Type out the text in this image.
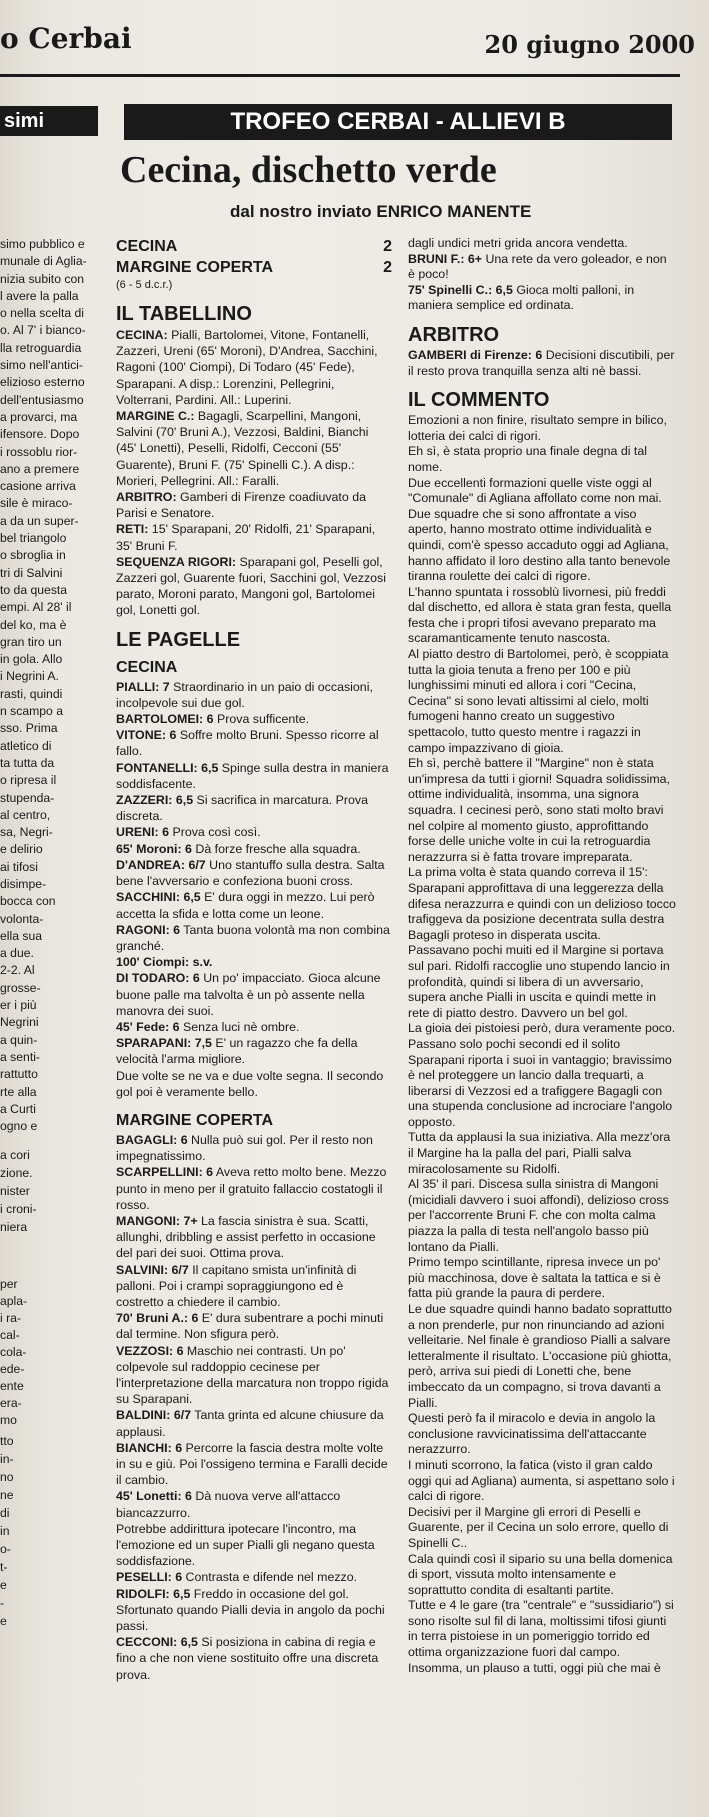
o Cerbai	20 giugno 2000
simi	TROFEO CERBAI - ALLIEVI B
Cecina, dischetto verde
dal nostro inviato ENRICO MANENTE
simo pubblico e
munale di Aglia-
nizia subito con
l avere la palla
o nella scelta di
o. Al 7' i bianco-
lla retroguardia
simo nell'antici-
elizioso esterno
dell'entusiasmo
a provarci, ma
ifensore. Dopo
i rossoblu rior-
ano a premere
casione arriva
sile è miraco-
a da un super-
bel triangolo
o sbroglia in
tri di Salvini
to da questa
empi. Al 28' il
del ko, ma è
gran tiro un
in gola. Allo
i Negrini A.
rasti, quindi
n scampo a
sso. Prima
atletico di
ta tutta da
o ripresa il
stupenda-
al centro,
sa, Negri-
e delirio
ai tifosi
disimpe-
bocca con
volonta-
ella sua
a due.
2-2. Al
grosse-
er i più
Negrini
a quin-
a senti-
rattutto
rte alla
a Curti
ogno e
a cori
zione.
nister
i croni-
niera
per
apla-
i ra-
cal-
cola-
ede-
ente
era-
mo
tto
in-
no
ne
di
in
o-
t-
e
-
e
CECINA	2
MARGINE COPERTA	2
(6 - 5 d.c.r.)
IL TABELLINO

CECINA: Pialli, Bartolomei, Vitone, Fontanelli, Zazzeri, Ureni (65' Moroni), D'Andrea, Sacchini, Ragoni (100' Ciompi), Di Todaro (45' Fede), Sparapani. A disp.: Lorenzini, Pellegrini, Volterrani, Pardini. All.: Luperini.

MARGINE C.: Bagagli, Scarpellini, Mangoni, Salvini (70' Bruni A.), Vezzosi, Baldini, Bianchi (45' Lonetti), Peselli, Ridolfi, Cecconi (55' Guarente), Bruni F. (75' Spinelli C.). A disp.: Morieri, Pellegrini. All.: Faralli.

ARBITRO: Gamberi di Firenze coadiuvato da Parisi e Senatore.

RETI: 15' Sparapani, 20' Ridolfi, 21' Sparapani, 35' Bruni F.

SEQUENZA RIGORI: Sparapani gol, Peselli gol, Zazzeri gol, Guarente fuori, Sacchini gol, Vezzosi parato, Moroni parato, Mangoni gol, Bartolomei gol, Lonetti gol.

LE PAGELLE
CECINA

PIALLI: 7 Straordinario in un paio di occasioni, incolpevole sui due gol.

BARTOLOMEI: 6 Prova sufficente.

VITONE: 6 Soffre molto Bruni. Spesso ricorre al fallo.

FONTANELLI: 6,5 Spinge sulla destra in maniera soddisfacente.

ZAZZERI: 6,5 Si sacrifica in marcatura. Prova discreta.

URENI: 6 Prova così così.

65' Moroni: 6 Dà forze fresche alla squadra.

D'ANDREA: 6/7 Uno stantuffo sulla destra. Salta bene l'avversario e confeziona buoni cross.

SACCHINI: 6,5 E' dura oggi in mezzo. Lui però accetta la sfida e lotta come un leone.

RAGONI: 6 Tanta buona volontà ma non combina granché.

100' Ciompi: s.v.

DI TODARO: 6 Un po' impacciato. Gioca alcune buone palle ma talvolta è un pò assente nella manovra dei suoi.

45' Fede: 6 Senza luci nè ombre.

SPARAPANI: 7,5 E' un ragazzo che fa della velocità l'arma migliore.

Due volte se ne va e due volte segna. Il secondo gol poi è veramente bello.

MARGINE COPERTA

BAGAGLI: 6 Nulla può sui gol. Per il resto non impegnatissimo.

SCARPELLINI: 6 Aveva retto molto bene. Mezzo punto in meno per il gratuito fallaccio costatogli il rosso.

MANGONI: 7+ La fascia sinistra è sua. Scatti, allunghi, dribbling e assist perfetto in occasione del pari dei suoi. Ottima prova.

SALVINI: 6/7 Il capitano smista un'infinità di palloni. Poi i crampi sopraggiungono ed è costretto a chiedere il cambio.

70' Bruni A.: 6 E' dura subentrare a pochi minuti dal termine. Non sfigura però.

VEZZOSI: 6 Maschio nei contrasti. Un po' colpevole sul raddoppio cecinese per l'interpretazione della marcatura non troppo rigida su Sparapani.

BALDINI: 6/7 Tanta grinta ed alcune chiusure da applausi.

BIANCHI: 6 Percorre la fascia destra molte volte in su e giù. Poi l'ossigeno termina e Faralli decide il cambio.

45' Lonetti: 6 Dà nuova verve all'attacco biancazzurro.

Potrebbe addirittura ipotecare l'incontro, ma l'emozione ed un super Pialli gli negano questa soddisfazione.

PESELLI: 6 Contrasta e difende nel mezzo.

RIDOLFI: 6,5 Freddo in occasione del gol. Sfortunato quando Pialli devia in angolo da pochi passi.

CECCONI: 6,5 Si posiziona in cabina di regia e fino a che non viene sostituito offre una discreta prova.

dagli undici metri grida ancora vendetta.

BRUNI F.: 6+ Una rete da vero goleador, e non è poco!

75' Spinelli C.: 6,5 Gioca molti palloni, in maniera semplice ed ordinata.

ARBITRO

GAMBERI di Firenze: 6 Decisioni discutibili, per il resto prova tranquilla senza alti nè bassi.

IL COMMENTO

Emozioni a non finire, risultato sempre in bilico, lotteria dei calci di rigori.

Eh sì, è stata proprio una finale degna di tal nome.

Due eccellenti formazioni quelle viste oggi al "Comunale" di Agliana affollato come non mai. Due squadre che si sono affrontate a viso aperto, hanno mostrato ottime individualità e quindi, com'è spesso accaduto oggi ad Agliana, hanno affidato il loro destino alla tanto benevole tiranna roulette dei calci di rigore.

L'hanno spuntata i rossoblù livornesi, più freddi dal dischetto, ed allora è stata gran festa, quella festa che i propri tifosi avevano preparato ma scaramanticamente tenuto nascosta.

Al piatto destro di Bartolomei, però, è scoppiata tutta la gioia tenuta a freno per 100 e più lunghissimi minuti ed allora i cori "Cecina, Cecina" si sono levati altissimi al cielo, molti fumogeni hanno creato un suggestivo spettacolo, tutto questo mentre i ragazzi in campo impazzivano di gioia.

Eh sì, perchè battere il "Margine" non è stata un'impresa da tutti i giorni! Squadra solidissima, ottime individualità, insomma, una signora squadra. I cecinesi però, sono stati molto bravi nel colpire al momento giusto, approfittando forse delle uniche volte in cui la retroguardia nerazzurra si è fatta trovare impreparata.

La prima volta è stata quando correva il 15': Sparapani approfittava di una leggerezza della difesa nerazzurra e quindi con un delizioso tocco trafiggeva da posizione decentrata sulla destra Bagagli proteso in disperata uscita.

Passavano pochi muiti ed il Margine si portava sul pari. Ridolfi raccoglie uno stupendo lancio in profondità, quindi si libera di un avversario, supera anche Pialli in uscita e quindi mette in rete di piatto destro. Davvero un bel gol.

La gioia dei pistoiesi però, dura veramente poco.

Passano solo pochi secondi ed il solito Sparapani riporta i suoi in vantaggio; bravissimo è nel proteggere un lancio dalla trequarti, a liberarsi di Vezzosi ed a trafiggere Bagagli con una stupenda conclusione ad incrociare l'angolo opposto.

Tutta da applausi la sua iniziativa. Alla mezz'ora il Margine ha la palla del pari, Pialli salva miracolosamente su Ridolfi.

Al 35' il pari. Discesa sulla sinistra di Mangoni (micidiali davvero i suoi affondi), delizioso cross per l'accorrente Bruni F. che con molta calma piazza la palla di testa nell'angolo basso più lontano da Pialli.

Primo tempo scintillante, ripresa invece un po' più macchinosa, dove è saltata la tattica e si è fatta più grande la paura di perdere.

Le due squadre quindi hanno badato soprattutto a non prenderle, pur non rinunciando ad azioni velleitarie. Nel finale è grandioso Pialli a salvare letteralmente il risultato. L'occasione più ghiotta, però, arriva sui piedi di Lonetti che, bene imbeccato da un compagno, si trova davanti a Pialli.

Questi però fa il miracolo e devia in angolo la conclusione ravvicinatissima dell'attaccante nerazzurro.

I minuti scorrono, la fatica (visto il gran caldo oggi qui ad Agliana) aumenta, si aspettano solo i calci di rigore.

Decisivi per il Margine gli errori di Peselli e Guarente, per il Cecina un solo errore, quello di Spinelli C..

Cala quindi così il sipario su una bella domenica di sport, vissuta molto intensamente e soprattutto condita di esaltanti partite.

Tutte e 4 le gare (tra "centrale" e "sussidiario") si sono risolte sul fil di lana, moltissimi tifosi giunti in terra pistoiese in un pomeriggio torrido ed ottima organizzazione fuori dal campo. Insomma, un plauso a tutti, oggi più che mai è
